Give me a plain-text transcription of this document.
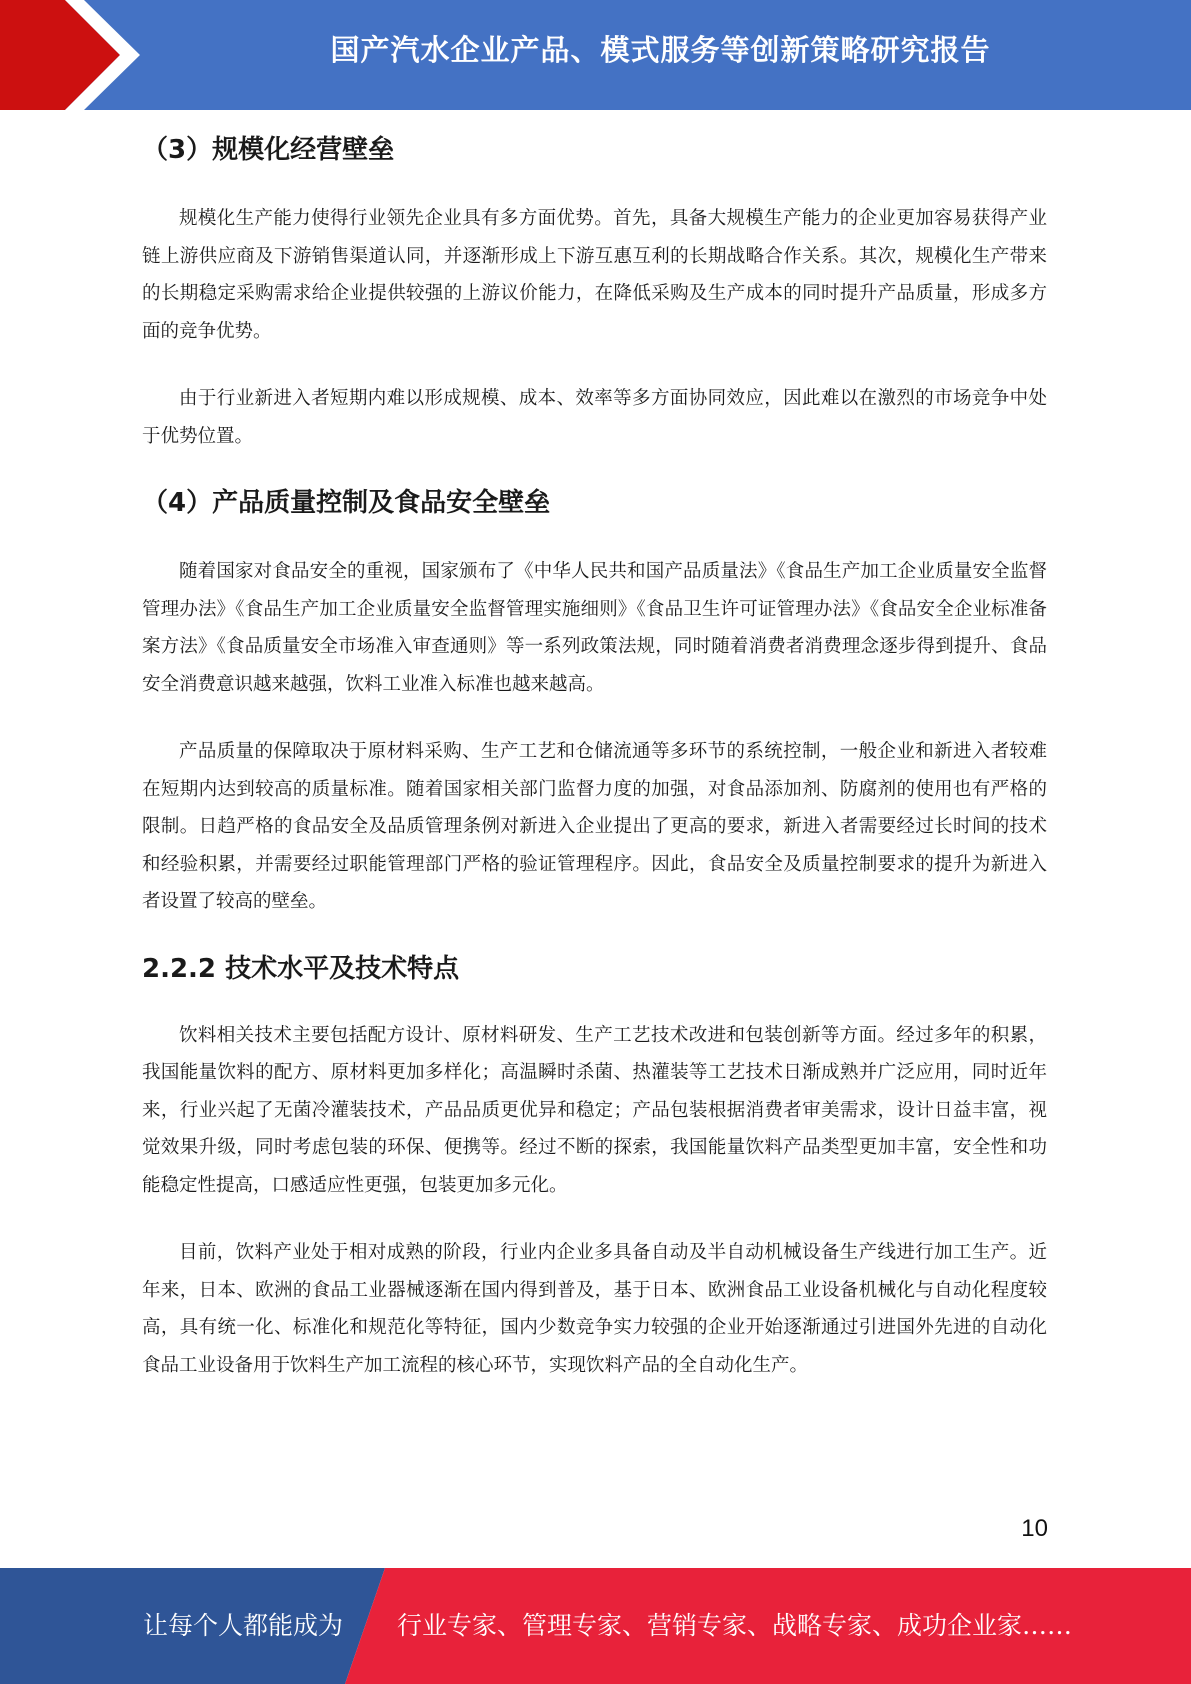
国产汽水企业产品、模式服务等创新策略研究报告
（3）规模化经营壁垒

规模化生产能力使得行业领先企业具有多方面优势。首先，具备大规模生产能力的企业更加容易获得产业链上游供应商及下游销售渠道认同，并逐渐形成上下游互惠互利的长期战略合作关系。其次，规模化生产带来的长期稳定采购需求给企业提供较强的上游议价能力，在降低采购及生产成本的同时提升产品质量，形成多方面的竞争优势。

由于行业新进入者短期内难以形成规模、成本、效率等多方面协同效应，因此难以在激烈的市场竞争中处于优势位置。

（4）产品质量控制及食品安全壁垒

随着国家对食品安全的重视，国家颁布了《中华人民共和国产品质量法》《食品生产加工企业质量安全监督管理办法》《食品生产加工企业质量安全监督管理实施细则》《食品卫生许可证管理办法》《食品安全企业标准备案方法》《食品质量安全市场准入审查通则》等一系列政策法规，同时随着消费者消费理念逐步得到提升、食品安全消费意识越来越强，饮料工业准入标准也越来越高。

产品质量的保障取决于原材料采购、生产工艺和仓储流通等多环节的系统控制，一般企业和新进入者较难在短期内达到较高的质量标准。随着国家相关部门监督力度的加强，对食品添加剂、防腐剂的使用也有严格的限制。日趋严格的食品安全及品质管理条例对新进入企业提出了更高的要求，新进入者需要经过长时间的技术和经验积累，并需要经过职能管理部门严格的验证管理程序。因此，食品安全及质量控制要求的提升为新进入者设置了较高的壁垒。

2.2.2 技术水平及技术特点

饮料相关技术主要包括配方设计、原材料研发、生产工艺技术改进和包装创新等方面。经过多年的积累，我国能量饮料的配方、原材料更加多样化；高温瞬时杀菌、热灌装等工艺技术日渐成熟并广泛应用，同时近年来，行业兴起了无菌冷灌装技术，产品品质更优异和稳定；产品包装根据消费者审美需求，设计日益丰富，视觉效果升级，同时考虑包装的环保、便携等。经过不断的探索，我国能量饮料产品类型更加丰富，安全性和功能稳定性提高，口感适应性更强，包装更加多元化。

目前，饮料产业处于相对成熟的阶段，行业内企业多具备自动及半自动机械设备生产线进行加工生产。近年来，日本、欧洲的食品工业器械逐渐在国内得到普及，基于日本、欧洲食品工业设备机械化与自动化程度较高，具有统一化、标准化和规范化等特征，国内少数竞争实力较强的企业开始逐渐通过引进国外先进的自动化食品工业设备用于饮料生产加工流程的核心环节，实现饮料产品的全自动化生产。

10
让每个人都能成为 行业专家、管理专家、营销专家、战略专家、成功企业家……
